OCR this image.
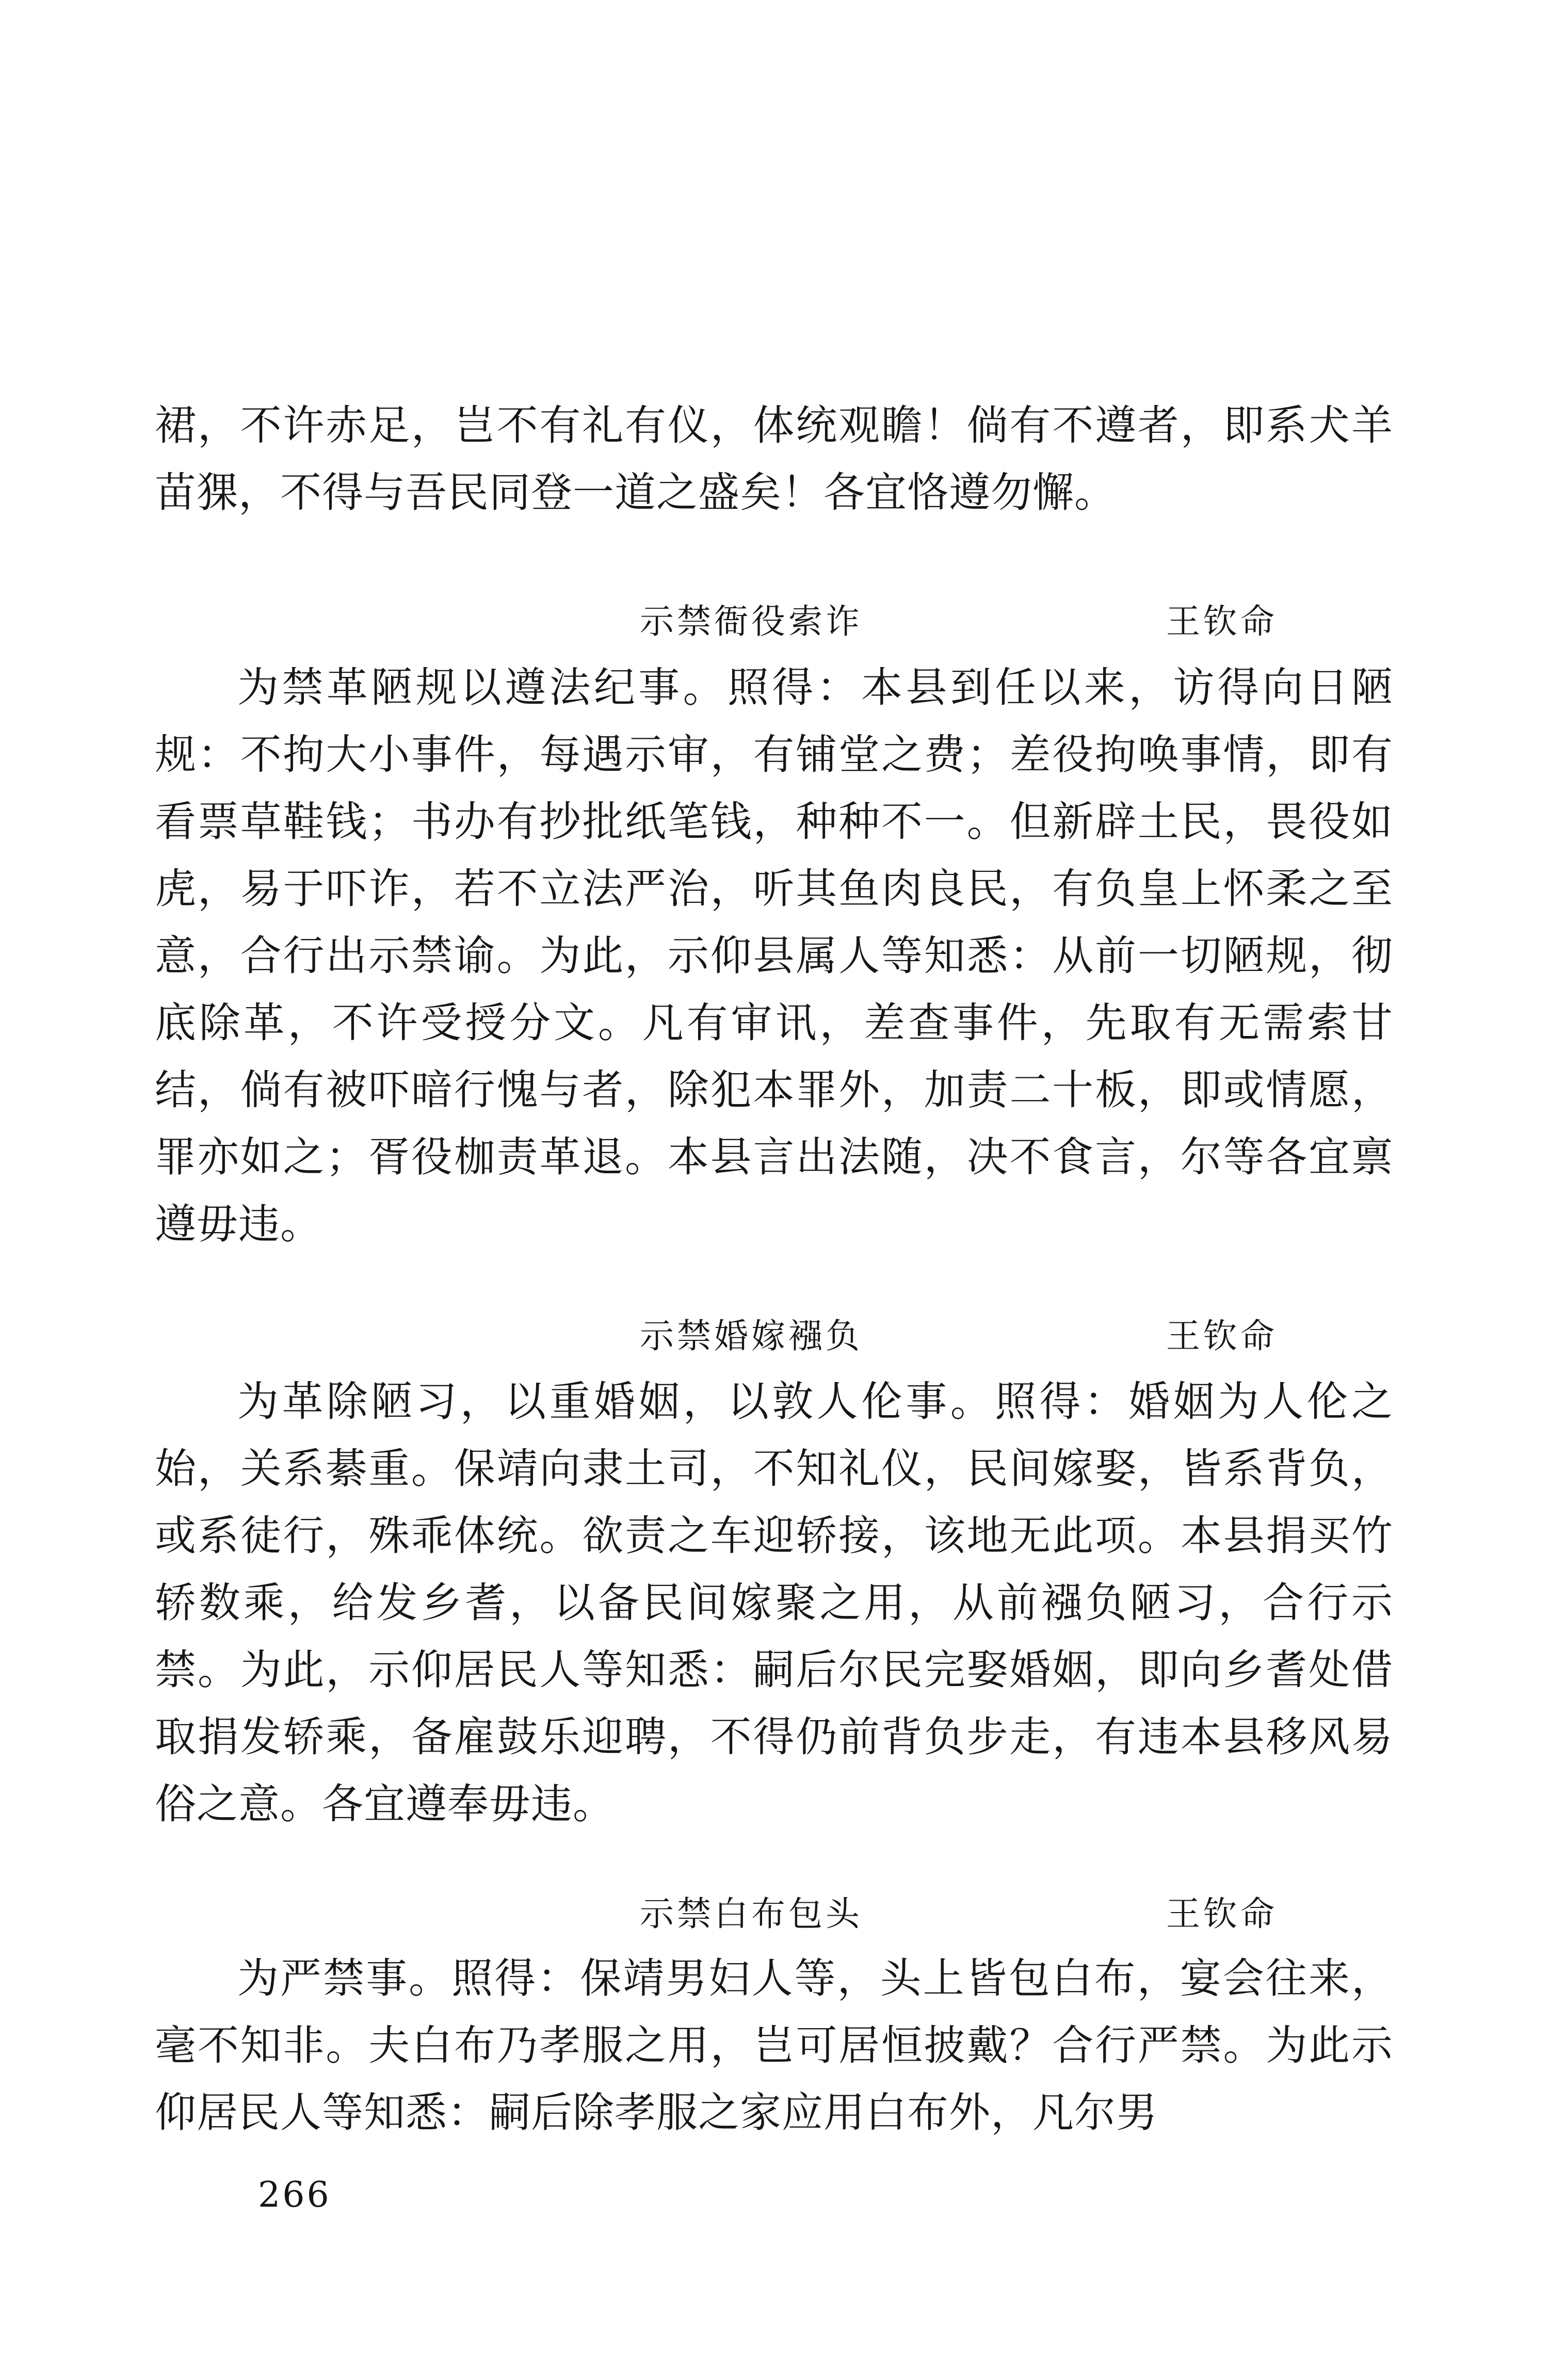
裙，不许赤足，岂不有礼有仪，体统观瞻！倘有不遵者，即系犬羊苗猓，不得与吾民同登一道之盛矣！各宜恪遵勿懈。

示禁衙役索诈	王钦命

为禁革陋规以遵法纪事。照得：本县到任以来，访得向日陋规：不拘大小事件，每遇示审，有铺堂之费；差役拘唤事情，即有看票草鞋钱；书办有抄批纸笔钱，种种不一。但新辟土民，畏役如虎，易于吓诈，若不立法严治，听其鱼肉良民，有负皇上怀柔之至意，合行出示禁谕。为此，示仰县属人等知悉：从前一切陋规，彻底除革，不许受授分文。凡有审讯，差查事件，先取有无需索甘结，倘有被吓暗行愧与者，除犯本罪外，加责二十板，即或情愿，罪亦如之；胥役枷责革退。本县言出法随，决不食言，尔等各宜禀遵毋违。

示禁婚嫁襁负	王钦命

为革除陋习，以重婚姻，以敦人伦事。照得：婚姻为人伦之始，关系綦重。保靖向隶土司，不知礼仪，民间嫁娶，皆系背负，或系徒行，殊乖体统。欲责之车迎轿接，该地无此项。本县捐买竹轿数乘，给发乡耆，以备民间嫁聚之用，从前襁负陋习，合行示禁。为此，示仰居民人等知悉：嗣后尔民完娶婚姻，即向乡耆处借取捐发轿乘，备雇鼓乐迎聘，不得仍前背负步走，有违本县移风易俗之意。各宜遵奉毋违。

示禁白布包头	王钦命

为严禁事。照得：保靖男妇人等，头上皆包白布，宴会往来，毫不知非。夫白布乃孝服之用，岂可居恒披戴？合行严禁。为此示仰居民人等知悉：嗣后除孝服之家应用白布外，凡尔男

266
